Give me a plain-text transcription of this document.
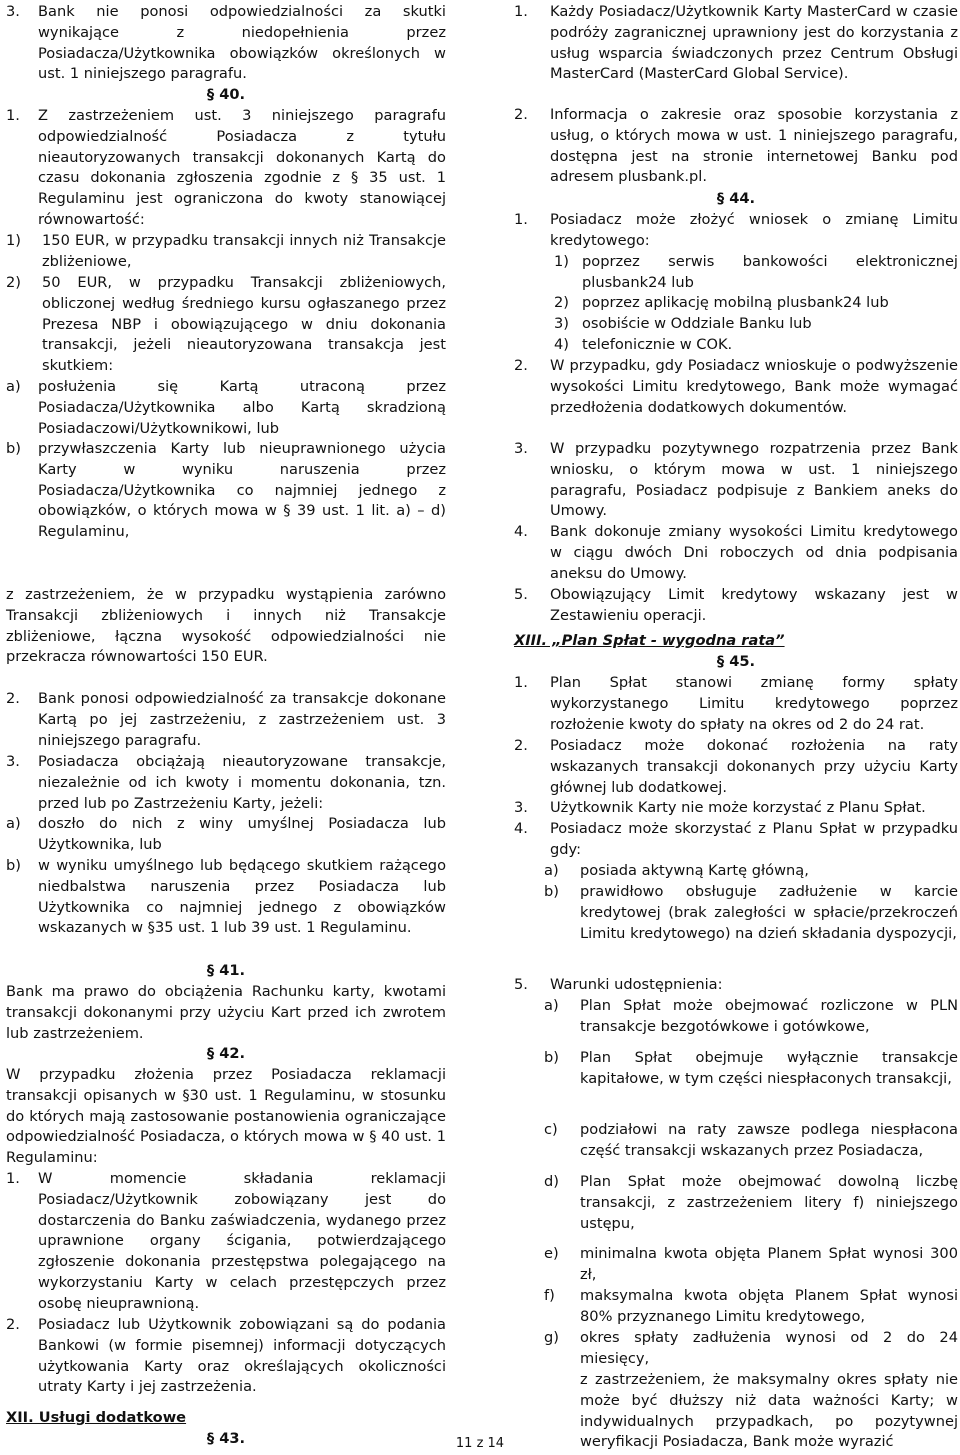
3.	Bank nie ponosi odpowiedzialności za skutki wynikające z niedopełnienia przez Posiadacza/Użytkownika obowiązków określonych w ust. 1 niniejszego paragrafu.

§ 40.

1.	Z zastrzeżeniem ust. 3 niniejszego paragrafu odpowiedzialność Posiadacza z tytułu nieautoryzowanych transakcji dokonanych Kartą do czasu dokonania zgłoszenia zgodnie z § 35 ust. 1 Regulaminu jest ograniczona do kwoty stanowiącej równowartość:
1)	150 EUR, w przypadku transakcji innych niż Transakcje zbliżeniowe,
2)	50 EUR, w przypadku Transakcji zbliżeniowych, obliczonej według średniego kursu ogłaszanego przez Prezesa NBP i obowiązującego w dniu dokonania transakcji, jeżeli nieautoryzowana transakcja jest skutkiem:
a)	posłużenia się Kartą utraconą przez Posiadacza/Użytkownika albo Kartą skradzioną Posiadaczowi/Użytkownikowi, lub
b)	przywłaszczenia Karty lub nieuprawnionego użycia Karty w wyniku naruszenia przez Posiadacza/Użytkownika co najmniej jednego z obowiązków, o których mowa w § 39 ust. 1 lit. a) – d) Regulaminu,

z zastrzeżeniem, że w przypadku wystąpienia zarówno Transakcji zbliżeniowych i innych niż Transakcje zbliżeniowe, łączna wysokość odpowiedzialności nie przekracza równowartości 150 EUR.

2.	Bank ponosi odpowiedzialność za transakcje dokonane Kartą po jej zastrzeżeniu, z zastrzeżeniem ust. 3 niniejszego paragrafu.
3.	Posiadacza obciążają nieautoryzowane transakcje, niezależnie od ich kwoty i momentu dokonania, tzn. przed lub po Zastrzeżeniu Karty, jeżeli:
a)	doszło do nich z winy umyślnej Posiadacza lub Użytkownika, lub
b)	w wyniku umyślnego lub będącego skutkiem rażącego niedbalstwa naruszenia przez Posiadacza lub Użytkownika co najmniej jednego z obowiązków wskazanych w §35 ust. 1 lub 39 ust. 1 Regulaminu.

§ 41.

Bank ma prawo do obciążenia Rachunku karty, kwotami transakcji dokonanymi przy użyciu Kart przed ich zwrotem lub zastrzeżeniem.

§ 42.

W przypadku złożenia przez Posiadacza reklamacji transakcji opisanych w §30 ust. 1 Regulaminu, w stosunku do których mają zastosowanie postanowienia ograniczające odpowiedzialność Posiadacza, o których mowa w § 40 ust. 1 Regulaminu:

1.	W momencie składania reklamacji Posiadacz/Użytkownik zobowiązany jest do dostarczenia do Banku zaświadczenia, wydanego przez uprawnione organy ścigania, potwierdzającego zgłoszenie dokonania przestępstwa polegającego na wykorzystaniu Karty w celach przestępczych przez osobę nieuprawnioną.
2.	Posiadacz lub Użytkownik zobowiązani są do podania Bankowi (w formie pisemnej) informacji dotyczących użytkowania Karty oraz określających okoliczności utraty Karty i jej zastrzeżenia.

XII. Usługi dodatkowe

§ 43.

1.	Każdy Posiadacz/Użytkownik Karty MasterCard w czasie podróży zagranicznej uprawniony jest do korzystania z usług wsparcia świadczonych przez Centrum Obsługi MasterCard (MasterCard Global Service).
2.	Informacja o zakresie oraz sposobie korzystania z usług, o których mowa w ust. 1 niniejszego paragrafu, dostępna jest na stronie internetowej Banku pod adresem plusbank.pl.

§ 44.

1.	Posiadacz może złożyć wniosek o zmianę Limitu kredytowego:
1) poprzez serwis bankowości elektronicznej plusbank24 lub
2) poprzez aplikację mobilną plusbank24 lub
3) osobiście w Oddziale Banku lub
4) telefonicznie w COK.
2.	W przypadku, gdy Posiadacz wnioskuje o podwyższenie wysokości Limitu kredytowego, Bank może wymagać przedłożenia dodatkowych dokumentów.
3.	W przypadku pozytywnego rozpatrzenia przez Bank wniosku, o którym mowa w ust. 1 niniejszego paragrafu, Posiadacz podpisuje z Bankiem aneks do Umowy.
4.	Bank dokonuje zmiany wysokości Limitu kredytowego w ciągu dwóch Dni roboczych od dnia podpisania aneksu do Umowy.
5.	Obowiązujący Limit kredytowy wskazany jest w Zestawieniu operacji.

XIII. „Plan Spłat - wygodna rata”

§ 45.

1.	Plan Spłat stanowi zmianę formy spłaty wykorzystanego Limitu kredytowego poprzez rozłożenie kwoty do spłaty na okres od 2 do 24 rat.
2.	Posiadacz może dokonać rozłożenia na raty wskazanych transakcji dokonanych przy użyciu Karty głównej lub dodatkowej.
3.	Użytkownik Karty nie może korzystać z Planu Spłat.
4.	Posiadacz może skorzystać z Planu Spłat w przypadku gdy:
a)	posiada aktywną Kartę główną,
b)	prawidłowo obsługuje zadłużenie w karcie kredytowej (brak zaległości w spłacie/przekroczeń Limitu kredytowego) na dzień składania dyspozycji,
5.	Warunki udostępnienia:
a)	Plan Spłat może obejmować rozliczone w PLN transakcje bezgotówkowe i gotówkowe,
b)	Plan Spłat obejmuje wyłącznie transakcje kapitałowe, w tym części niespłaconych transakcji,
c)	podziałowi na raty zawsze podlega niespłacona część transakcji wskazanych przez Posiadacza,
d)	Plan Spłat może obejmować dowolną liczbę transakcji, z zastrzeżeniem litery f) niniejszego ustępu,
e)	minimalna kwota objęta Planem Spłat wynosi 300 zł,
f)	maksymalna kwota objęta Planem Spłat wynosi 80% przyznanego Limitu kredytowego,
g)	okres spłaty zadłużenia wynosi od 2 do 24 miesięcy,

z zastrzeżeniem, że maksymalny okres spłaty nie może być dłuższy niż data ważności Karty; w indywidualnych przypadkach, po pozytywnej weryfikacji Posiadacza, Bank może wyrazić

11 z 14
